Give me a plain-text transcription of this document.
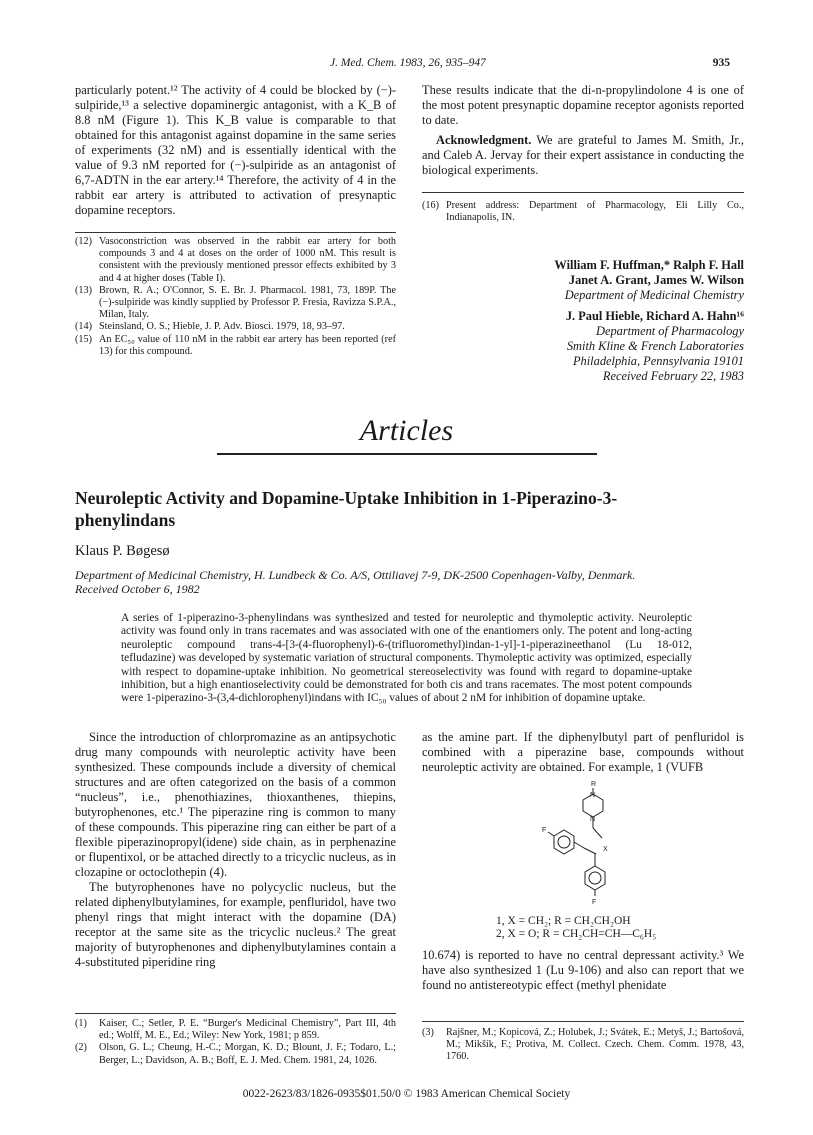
J. Med. Chem. 1983, 26, 935–947	935

particularly potent.¹² The activity of 4 could be blocked by (−)-sulpiride,¹³ a selective dopaminergic antagonist, with a K_B of 8.8 nM (Figure 1). This K_B value is comparable to that obtained for this antagonist against dopamine in the same series of experiments (32 nM) and is essentially identical with the value of 9.3 nM reported for (−)-sulpiride as an antagonist of 6,7-ADTN in the ear artery.¹⁴ Therefore, the activity of 4 in the rabbit ear artery is attributed to activation of presynaptic dopamine receptors.

(12) Vasoconstriction was observed in the rabbit ear artery for both compounds 3 and 4 at doses on the order of 1000 nM. This result is consistent with the previously mentioned pressor effects exhibited by 3 and 4 at higher doses (Table I).
(13) Brown, R. A.; O'Connor, S. E. Br. J. Pharmacol. 1981, 73, 189P. The (−)-sulpiride was kindly supplied by Professor P. Fresia, Ravizza S.P.A., Milan, Italy.
(14) Steinsland, O. S.; Hieble, J. P. Adv. Biosci. 1979, 18, 93–97.
(15) An EC₅₀ value of 110 nM in the rabbit ear artery has been reported (ref 13) for this compound.

These results indicate that the di-n-propylindolone 4 is one of the most potent presynaptic dopamine receptor agonists reported to date.

Acknowledgment. We are grateful to James M. Smith, Jr., and Caleb A. Jervay for their expert assistance in conducting the biological experiments.

(16) Present address: Department of Pharmacology, Eli Lilly Co., Indianapolis, IN.
William F. Huffman,* Ralph F. Hall
Janet A. Grant, James W. Wilson
Department of Medicinal Chemistry
J. Paul Hieble, Richard A. Hahn¹⁶
Department of Pharmacology
Smith Kline & French Laboratories
Philadelphia, Pennsylvania 19101
Received February 22, 1983
Articles
Neuroleptic Activity and Dopamine-Uptake Inhibition in 1-Piperazino-3-phenylindans
Klaus P. Bøgesø
Department of Medicinal Chemistry, H. Lundbeck & Co. A/S, Ottiliavej 7-9, DK-2500 Copenhagen-Valby, Denmark.
Received October 6, 1982
A series of 1-piperazino-3-phenylindans was synthesized and tested for neuroleptic and thymoleptic activity. Neuroleptic activity was found only in trans racemates and was associated with one of the enantiomers only. The potent and long-acting neuroleptic compound trans-4-[3-(4-fluorophenyl)-6-(trifluoromethyl)indan-1-yl]-1-piperazineethanol (Lu 18-012, tefludazine) was developed by systematic variation of structural components. Thymoleptic activity was optimized, especially with respect to dopamine-uptake inhibition. No geometrical stereoselectivity was found with regard to dopamine-uptake inhibition, but a high enantioselectivity could be demonstrated for both cis and trans racemates. The most potent compounds were 1-piperazino-3-(3,4-dichlorophenyl)indans with IC₅₀ values of about 2 nM for inhibition of dopamine uptake.

Since the introduction of chlorpromazine as an antipsychotic drug many compounds with neuroleptic activity have been synthesized. These compounds include a diversity of chemical structures and are often categorized on the basis of a common “nucleus”, i.e., phenothiazines, thioxanthenes, thiepins, butyrophenones, etc.¹ The piperazine ring is common to many of these compounds. This piperazine ring can either be part of a flexible piperazinopropyl(idene) side chain, as in perphenazine or flupentixol, or be attached directly to a tricyclic nucleus, as in clozapine or octoclothepin (4).

The butyrophenones have no polycyclic nucleus, but the related diphenylbutylamines, for example, penfluridol, have two phenyl rings that might interact with the dopamine (DA) receptor at the same site as the tricyclic nucleus.² The great majority of butyrophenones and diphenylbutylamines contain a 4-substituted piperidine ring

(1)	Kaiser, C.; Setler, P. E. “Burger's Medicinal Chemistry”, Part III, 4th ed.; Wolff, M. E., Ed.; Wiley: New York, 1981; p 859.
(2)	Olson, G. L.; Cheung, H.-C.; Morgan, K. D.; Blount, J. F.; Todaro, L.; Berger, L.; Davidson, A. B.; Boff, E. J. Med. Chem. 1981, 24, 1026.

as the amine part. If the diphenylbutyl part of penfluridol is combined with a piperazine base, compounds without neuroleptic activity are obtained. For example, 1 (VUFB

R
N
N
F
X
F
1, X = CH₂; R = CH₂CH₂OH
2, X = O; R = CH₂CH=CH—C₆H₅

10.674) is reported to have no central depressant activity.³ We have also synthesized 1 (Lu 9-106) and also can report that we found no antistereotypic effect (methyl phenidate

(3)	Rajšner, M.; Kopicová, Z.; Holubek, J.; Svátek, E.; Metyš, J.; Bartošová, M.; Mikšík, F.; Protiva, M. Collect. Czech. Chem. Comm. 1978, 43, 1760.
0022-2623/83/1826-0935$01.50/0 © 1983 American Chemical Society
